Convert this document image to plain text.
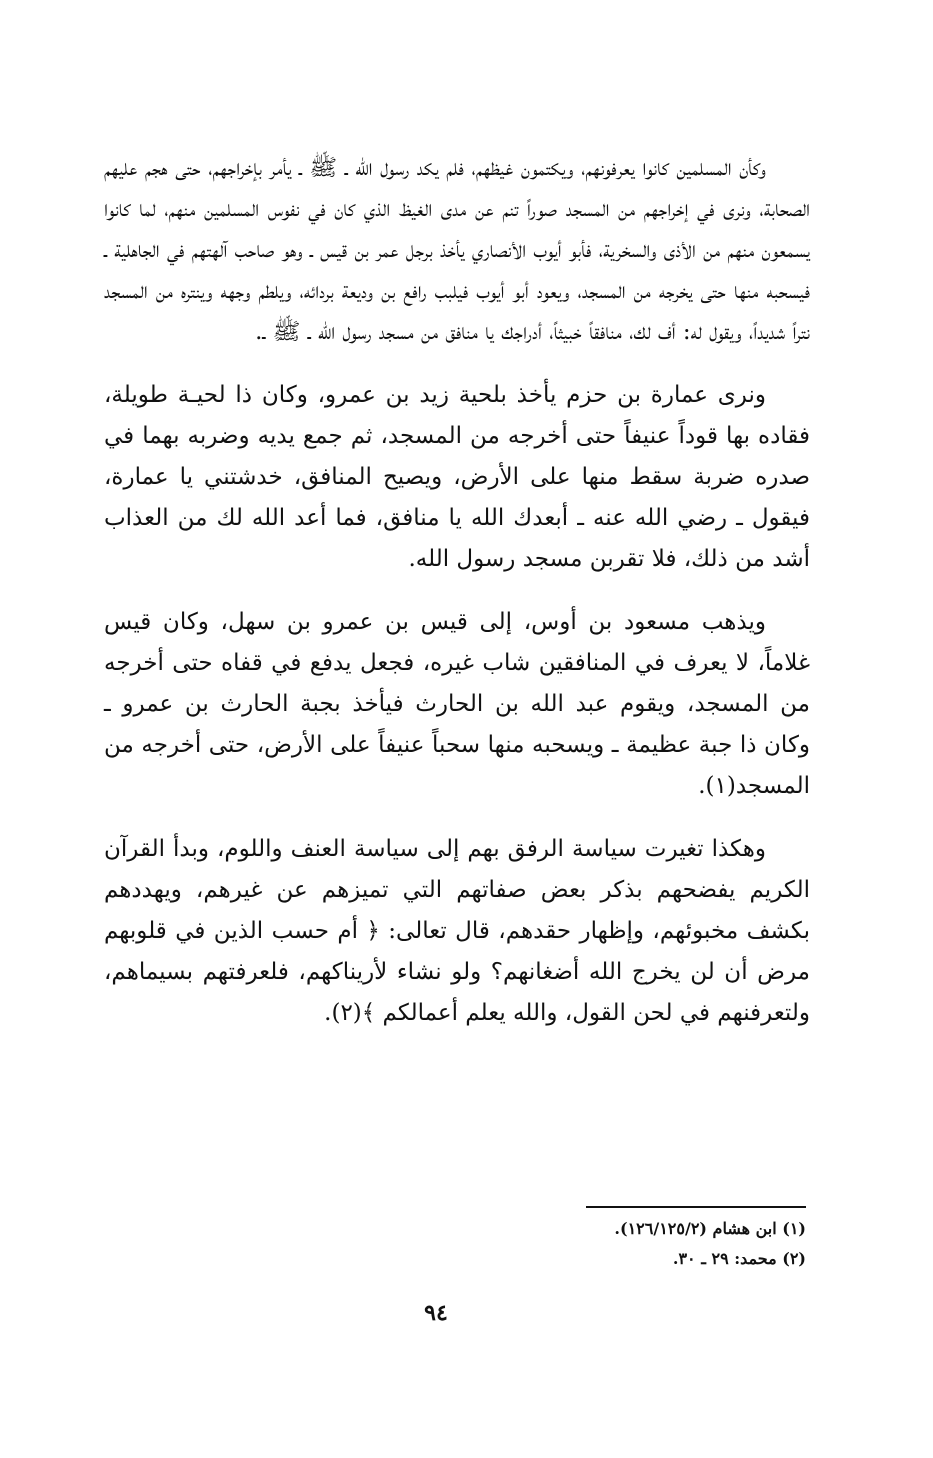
وكأن المسلمين كانوا يعرفونهم، ويكتمون غيظهم، فلم يكد رسول الله ـ ﷺ ـ يأمر بإخراجهم، حتى هجم عليهم الصحابة، ونرى في إخراجهم من المسجد صوراً تنم عن مدى الغيظ الذي كان في نفوس المسلمين منهم، لما كانوا يسمعون منهم من الأذى والسخرية، فأبو أيوب الأنصاري يأخذ برجل عمر بن قيس ـ وهو صاحب آلهتهم في الجاهلية ـ فيسحبه منها حتى يخرجه من المسجد، ويعود أبو أيوب فيلبب رافع بن وديعة بردائه، ويلطم وجهه وينتره من المسجد نتراً شديداً، ويقول له: أف لك، منافقاً خبيثاً، أدراجك يا منافق من مسجد رسول الله ـ ﷺ ـ.

ونرى عمارة بن حزم يأخذ بلحية زيد بن عمرو، وكان ذا لحيـة طويلة، فقاده بها قوداً عنيفاً حتى أخرجه من المسجد، ثم جمع يديه وضربه بهما في صدره ضربة سقط منها على الأرض، ويصيح المنافق، خدشتني يا عمارة، فيقول ـ رضي الله عنه ـ أبعدك الله يا منافق، فما أعد الله لك من العذاب أشد من ذلك، فلا تقربن مسجد رسول الله.

ويذهب مسعود بن أوس، إلى قيس بن عمرو بن سهل، وكان قيس غلاماً، لا يعرف في المنافقين شاب غيره، فجعل يدفع في قفاه حتى أخرجه من المسجد، ويقوم عبد الله بن الحارث فيأخذ بجبة الحارث بن عمرو ـ وكان ذا جبة عظيمة ـ ويسحبه منها سحباً عنيفاً على الأرض، حتى أخرجه من المسجد(١).

وهكذا تغيرت سياسة الرفق بهم إلى سياسة العنف واللوم، وبدأ القرآن الكريم يفضحهم بذكر بعض صفاتهم التي تميزهم عن غيرهم، ويهددهم بكشف مخبوئهم، وإظهار حقدهم، قال تعالى: ﴿ أم حسب الذين في قلوبهم مرض أن لن يخرج الله أضغانهم؟ ولو نشاء لأريناكهم، فلعرفتهم بسيماهم، ولتعرفنهم في لحن القول، والله يعلم أعمالكم ﴾(٢).

(١) ابن هشام (١٢٦/١٢٥/٢).
(٢) محمد: ٢٩ ـ ٣٠.
٩٤
